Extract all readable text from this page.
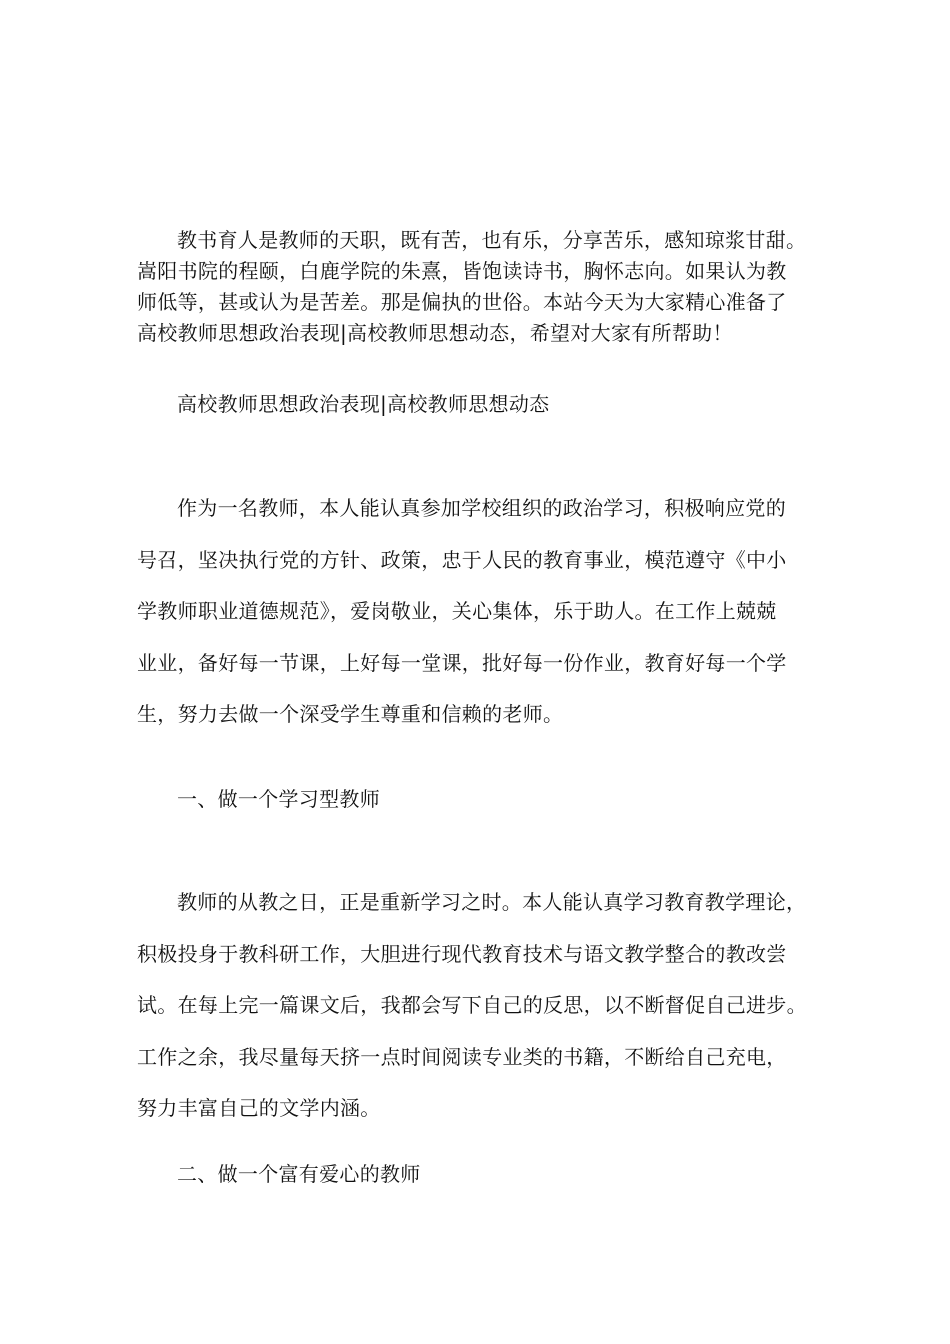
教书育人是教师的天职，既有苦，也有乐，分享苦乐，感知琼浆甘甜。
嵩阳书院的程颐，白鹿学院的朱熹，皆饱读诗书，胸怀志向。如果认为教
师低等，甚或认为是苦差。那是偏执的世俗。本站今天为大家精心准备了
高校教师思想政治表现|高校教师思想动态，希望对大家有所帮助！

高校教师思想政治表现|高校教师思想动态

作为一名教师，本人能认真参加学校组织的政治学习，积极响应党的
号召，坚决执行党的方针、政策，忠于人民的教育事业，模范遵守《中小
学教师职业道德规范》，爱岗敬业，关心集体，乐于助人。在工作上兢兢
业业，备好每一节课，上好每一堂课，批好每一份作业，教育好每一个学
生，努力去做一个深受学生尊重和信赖的老师。

一、做一个学习型教师

教师的从教之日，正是重新学习之时。本人能认真学习教育教学理论，
积极投身于教科研工作，大胆进行现代教育技术与语文教学整合的教改尝
试。在每上完一篇课文后，我都会写下自己的反思，以不断督促自己进步。
工作之余，我尽量每天挤一点时间阅读专业类的书籍，不断给自己充电，
努力丰富自己的文学内涵。

二、做一个富有爱心的教师
